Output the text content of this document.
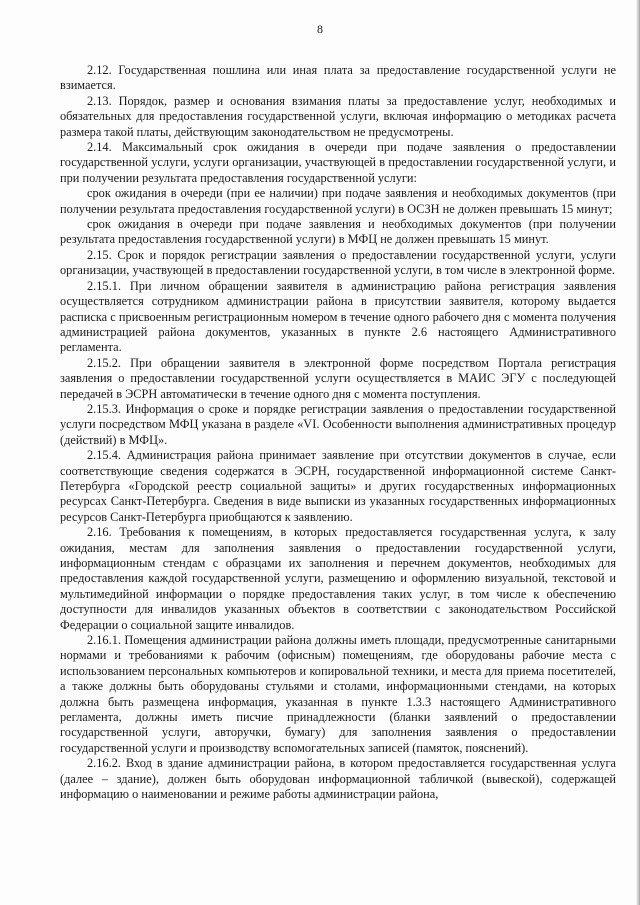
8

2.12. Государственная пошлина или иная плата за предоставление государственной услуги не взимается.

2.13. Порядок, размер и основания взимания платы за предоставление услуг, необходимых и обязательных для предоставления государственной услуги, включая информацию о методиках расчета размера такой платы, действующим законодательством не предусмотрены.

2.14. Максимальный срок ожидания в очереди при подаче заявления о предоставлении государственной услуги, услуги организации, участвующей в предоставлении государственной услуги, и при получении результата предоставления государственной услуги:

срок ожидания в очереди (при ее наличии) при подаче заявления и необходимых документов (при получении результата предоставления государственной услуги) в ОСЗН не должен превышать 15 минут;

срок ожидания в очереди при подаче заявления и необходимых документов (при получении результата предоставления государственной услуги) в МФЦ не должен превышать 15 минут.

2.15. Срок и порядок регистрации заявления о предоставлении государственной услуги, услуги организации, участвующей в предоставлении государственной услуги, в том числе в электронной форме.

2.15.1. При личном обращении заявителя в администрацию района регистрация заявления осуществляется сотрудником администрации района в присутствии заявителя, которому выдается расписка с присвоенным регистрационным номером в течение одного рабочего дня с момента получения администрацией района документов, указанных в пункте 2.6 настоящего Административного регламента.

2.15.2. При обращении заявителя в электронной форме посредством Портала регистрация заявления о предоставлении государственной услуги осуществляется в МАИС ЭГУ с последующей передачей в ЭСРН автоматически в течение одного дня с момента поступления.

2.15.3. Информация о сроке и порядке регистрации заявления о предоставлении государственной услуги посредством МФЦ указана в разделе «VI. Особенности выполнения административных процедур (действий) в МФЦ».

2.15.4. Администрация района принимает заявление при отсутствии документов в случае, если соответствующие сведения содержатся в ЭСРН, государственной информационной системе Санкт-Петербурга «Городской реестр социальной защиты» и других государственных информационных ресурсах Санкт-Петербурга. Сведения в виде выписки из указанных государственных информационных ресурсов Санкт-Петербурга приобщаются к заявлению.

2.16. Требования к помещениям, в которых предоставляется государственная услуга, к залу ожидания, местам для заполнения заявления о предоставлении государственной услуги, информационным стендам с образцами их заполнения и перечнем документов, необходимых для предоставления каждой государственной услуги, размещению и оформлению визуальной, текстовой и мультимедийной информации о порядке предоставления таких услуг, в том числе к обеспечению доступности для инвалидов указанных объектов в соответствии с законодательством Российской Федерации о социальной защите инвалидов.

2.16.1. Помещения администрации района должны иметь площади, предусмотренные санитарными нормами и требованиями к рабочим (офисным) помещениям, где оборудованы рабочие места с использованием персональных компьютеров и копировальной техники, и места для приема посетителей, а также должны быть оборудованы стульями и столами, информационными стендами, на которых должна быть размещена информация, указанная в пункте 1.3.3 настоящего Административного регламента, должны иметь писчие принадлежности (бланки заявлений о предоставлении государственной услуги, авторучки, бумагу) для заполнения заявления о предоставлении государственной услуги и производству вспомогательных записей (памяток, пояснений).

2.16.2. Вход в здание администрации района, в котором предоставляется государственная услуга (далее – здание), должен быть оборудован информационной табличкой (вывеской), содержащей информацию о наименовании и режиме работы администрации района,
